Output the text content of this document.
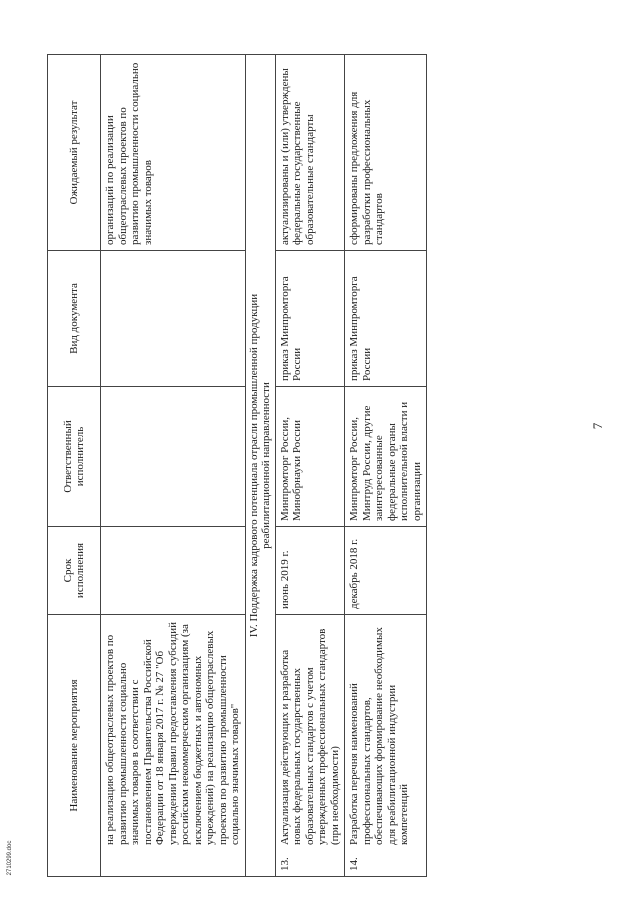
7
Наименование мероприятия	Срок исполнения	Ответственный исполнитель	Вид документа	Ожидаемый результат
на реализацию общеотраслевых проектов по развитию промышленности социально значимых товаров в соответствии с постановлением Правительства Российской Федерации от 18 января 2017 г. № 27 "Об утверждении Правил предоставления субсидий российским некоммерческим организациям (за исключением бюджетных и автономных учреждений) на реализацию общеотраслевых проектов по развитию промышленности социально значимых товаров"				организаций по реализации общеотраслевых проектов по развитию промышленности социально значимых товаров

IV. Поддержка кадрового потенциала отрасли промышленной продукции реабилитационной направленности				

13.Актуализация действующих и разработка новых федеральных государственных образовательных стандартов с учетом утвержденных профессиональных стандартов (при необходимости)	июнь 2019 г.	Минпромторг России, Минобрнауки России	приказ Минпромторга России	актуализированы и (или) утверждены федеральные государственные образовательные стандарты
14.Разработка перечня наименований профессиональных стандартов, обеспечивающих формирование необходимых для реабилитационной индустрии компетенций	декабрь 2018 г.	Минпромторг России, Минтруд России, другие заинтересованные федеральные органы исполнительной власти и организации	приказ Минпромторга России	сформированы предложения для разработки профессиональных стандартов
2710299.doc
